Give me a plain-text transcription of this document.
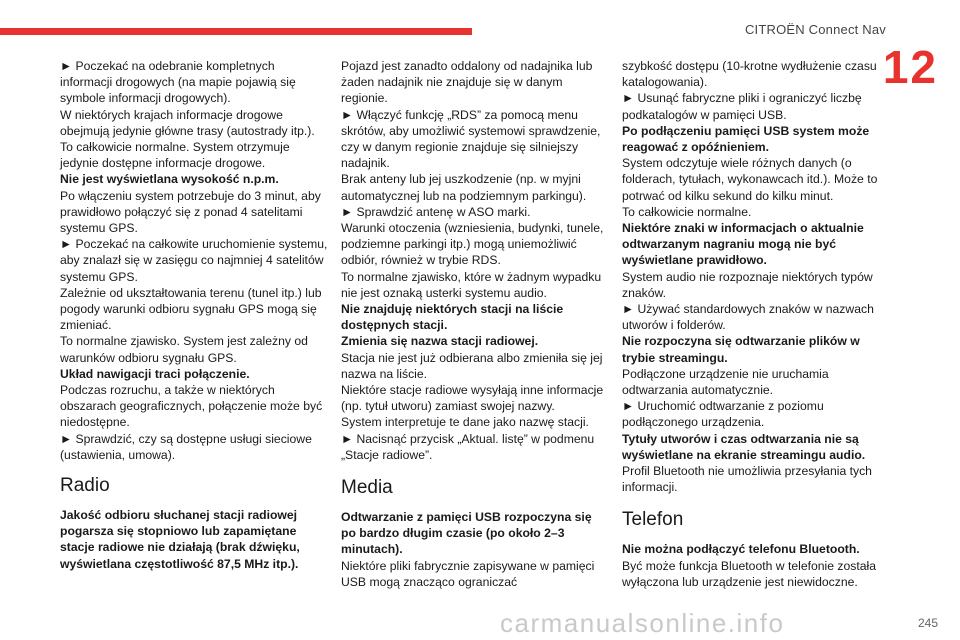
CITROËN Connect Nav
12

► Poczekać na odebranie kompletnych informacji drogowych (na mapie pojawią się symbole informacji drogowych).

W niektórych krajach informacje drogowe obejmują jedynie główne trasy (autostrady itp.).

To całkowicie normalne. System otrzymuje jedynie dostępne informacje drogowe.

Nie jest wyświetlana wysokość n.p.m.

Po włączeniu system potrzebuje do 3 minut, aby prawidłowo połączyć się z ponad 4 satelitami systemu GPS.

► Poczekać na całkowite uruchomienie systemu, aby znalazł się w zasięgu co najmniej 4 satelitów systemu GPS.

Zależnie od ukształtowania terenu (tunel itp.) lub pogody warunki odbioru sygnału GPS mogą się zmieniać.

To normalne zjawisko. System jest zależny od warunków odbioru sygnału GPS.

Układ nawigacji traci połączenie.

Podczas rozruchu, a także w niektórych obszarach geograficznych, połączenie może być niedostępne.

► Sprawdzić, czy są dostępne usługi sieciowe (ustawienia, umowa).

Radio

Jakość odbioru słuchanej stacji radiowej pogarsza się stopniowo lub zapamiętane stacje radiowe nie działają (brak dźwięku, wyświetlana częstotliwość 87,5 MHz itp.).

Pojazd jest zanadto oddalony od nadajnika lub żaden nadajnik nie znajduje się w danym regionie.

► Włączyć funkcję „RDS” za pomocą menu skrótów, aby umożliwić systemowi sprawdzenie, czy w danym regionie znajduje się silniejszy nadajnik.

Brak anteny lub jej uszkodzenie (np. w myjni automatycznej lub na podziemnym parkingu).

► Sprawdzić antenę w ASO marki.

Warunki otoczenia (wzniesienia, budynki, tunele, podziemne parkingi itp.) mogą uniemożliwić odbiór, również w trybie RDS.

To normalne zjawisko, które w żadnym wypadku nie jest oznaką usterki systemu audio.

Nie znajduję niektórych stacji na liście dostępnych stacji.

Zmienia się nazwa stacji radiowej.

Stacja nie jest już odbierana albo zmieniła się jej nazwa na liście.

Niektóre stacje radiowe wysyłają inne informacje (np. tytuł utworu) zamiast swojej nazwy.

System interpretuje te dane jako nazwę stacji.

► Nacisnąć przycisk „Aktual. listę” w podmenu „Stacje radiowe”.

Media

Odtwarzanie z pamięci USB rozpoczyna się po bardzo długim czasie (po około 2–3 minutach).

Niektóre pliki fabrycznie zapisywane w pamięci USB mogą znacząco ograniczać

szybkość dostępu (10-krotne wydłużenie czasu katalogowania).

► Usunąć fabryczne pliki i ograniczyć liczbę podkatalogów w pamięci USB.

Po podłączeniu pamięci USB system może reagować z opóźnieniem.

System odczytuje wiele różnych danych (o folderach, tytułach, wykonawcach itd.). Może to potrwać od kilku sekund do kilku minut.

To całkowicie normalne.

Niektóre znaki w informacjach o aktualnie odtwarzanym nagraniu mogą nie być wyświetlane prawidłowo.

System audio nie rozpoznaje niektórych typów znaków.

► Używać standardowych znaków w nazwach utworów i folderów.

Nie rozpoczyna się odtwarzanie plików w trybie streamingu.

Podłączone urządzenie nie uruchamia odtwarzania automatycznie.

► Uruchomić odtwarzanie z poziomu podłączonego urządzenia.

Tytuły utworów i czas odtwarzania nie są wyświetlane na ekranie streamingu audio.

Profil Bluetooth nie umożliwia przesyłania tych informacji.

Telefon

Nie można podłączyć telefonu Bluetooth.

Być może funkcja Bluetooth w telefonie została wyłączona lub urządzenie jest niewidoczne.

carmanualsonline.info	245
